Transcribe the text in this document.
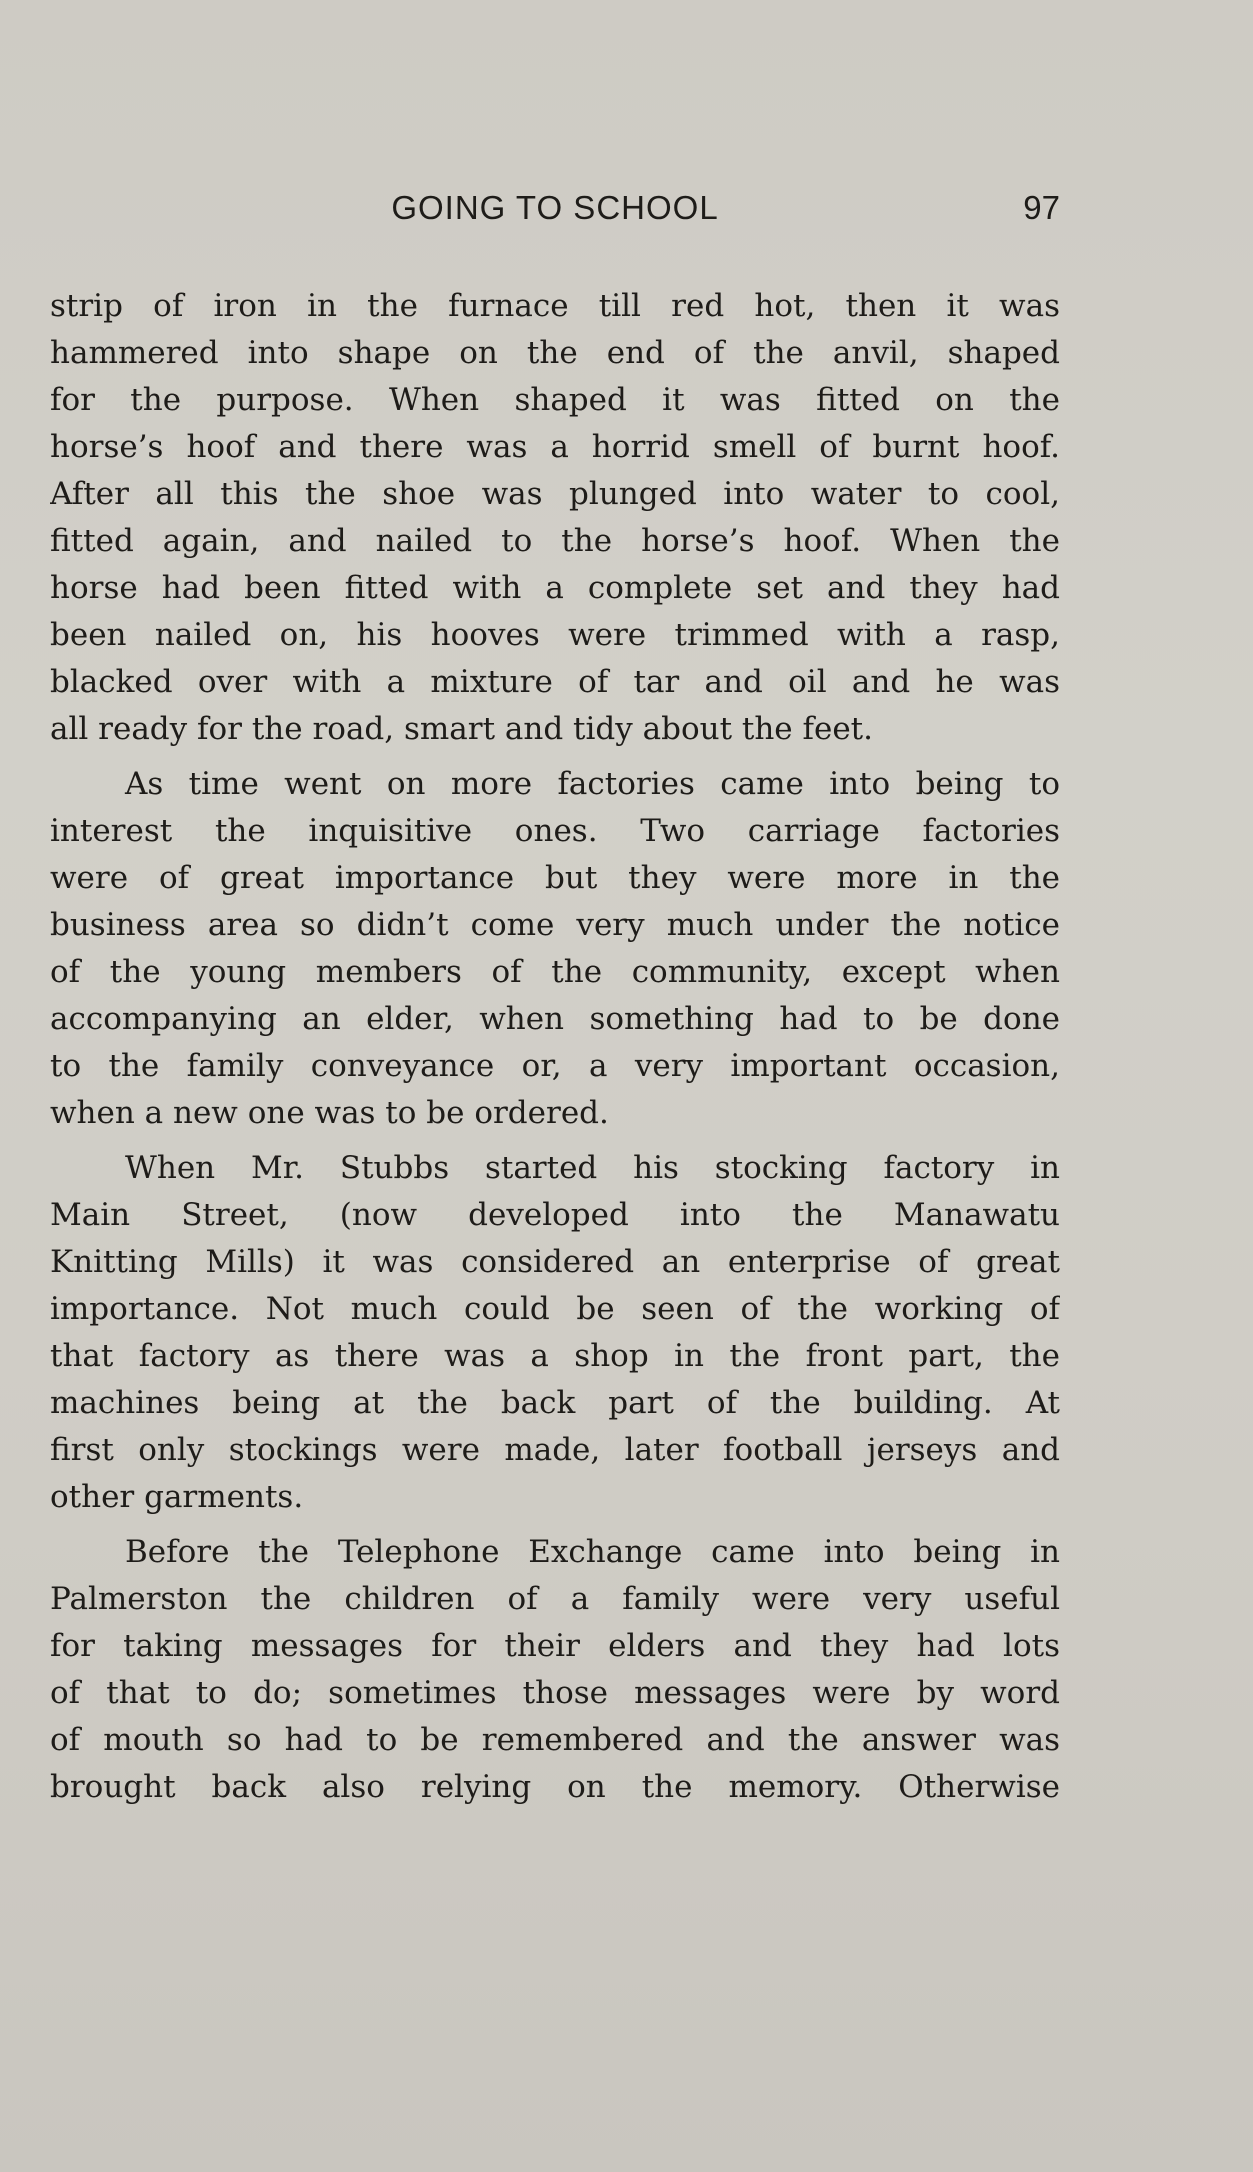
GOING TO SCHOOL	97
strip of iron in the furnace till red hot, then it was
hammered into shape on the end of the anvil, shaped
for the purpose. When shaped it was fitted on the
horse’s hoof and there was a horrid smell of burnt hoof.
After all this the shoe was plunged into water to cool,
fitted again, and nailed to the horse’s hoof. When the
horse had been fitted with a complete set and they had
been nailed on, his hooves were trimmed with a rasp,
blacked over with a mixture of tar and oil and he was
all ready for the road, smart and tidy about the feet.
As time went on more factories came into being to
interest the inquisitive ones. Two carriage factories
were of great importance but they were more in the
business area so didn’t come very much under the notice
of the young members of the community, except when
accompanying an elder, when something had to be done
to the family conveyance or, a very important occasion,
when a new one was to be ordered.
When Mr. Stubbs started his stocking factory in
Main Street, (now developed into the Manawatu
Knitting Mills) it was considered an enterprise of great
importance. Not much could be seen of the working of
that factory as there was a shop in the front part, the
machines being at the back part of the building. At
first only stockings were made, later football jerseys and
other garments.
Before the Telephone Exchange came into being in
Palmerston the children of a family were very useful
for taking messages for their elders and they had lots
of that to do; sometimes those messages were by word
of mouth so had to be remembered and the answer was
brought back also relying on the memory. Otherwise
